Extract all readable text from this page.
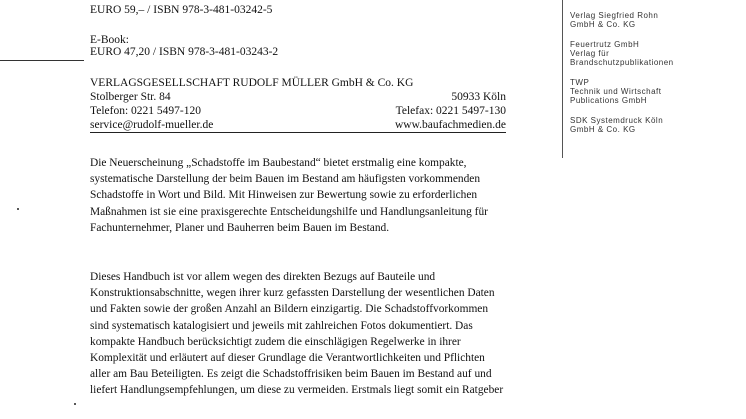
EURO 59,– / ISBN 978-3-481-03242-5
E-Book:
EURO 47,20 / ISBN 978-3-481-03243-2
VERLAGSGESELLSCHAFT RUDOLF MÜLLER GmbH & Co. KG
Stolberger Str. 84	50933 Köln
Telefon: 0221 5497-120	Telefax: 0221 5497-130
service@rudolf-mueller.de	www.baufachmedien.de
Die Neuerscheinung „Schadstoffe im Baubestand“ bietet erstmalig eine kompakte,
systematische Darstellung der beim Bauen im Bestand am häufigsten vorkommenden
Schadstoffe in Wort und Bild. Mit Hinweisen zur Bewertung sowie zu erforderlichen
Maßnahmen ist sie eine praxisgerechte Entscheidungshilfe und Handlungsanleitung für
Fachunternehmer, Planer und Bauherren beim Bauen im Bestand.
Dieses Handbuch ist vor allem wegen des direkten Bezugs auf Bauteile und
Konstruktionsabschnitte, wegen ihrer kurz gefassten Darstellung der wesentlichen Daten
und Fakten sowie der großen Anzahl an Bildern einzigartig. Die Schadstoffvorkommen
sind systematisch katalogisiert und jeweils mit zahlreichen Fotos dokumentiert. Das
kompakte Handbuch berücksichtigt zudem die einschlägigen Regelwerke in ihrer
Komplexität und erläutert auf dieser Grundlage die Verantwortlichkeiten und Pflichten
aller am Bau Beteiligten. Es zeigt die Schadstoffrisiken beim Bauen im Bestand auf und
liefert Handlungsempfehlungen, um diese zu vermeiden. Erstmals liegt somit ein Ratgeber
Verlag Siegfried Rohn
GmbH & Co. KG
Feuertrutz GmbH
Verlag für
Brandschutzpublikationen
TWP
Technik und Wirtschaft
Publications GmbH
SDK Systemdruck Köln
GmbH & Co. KG
